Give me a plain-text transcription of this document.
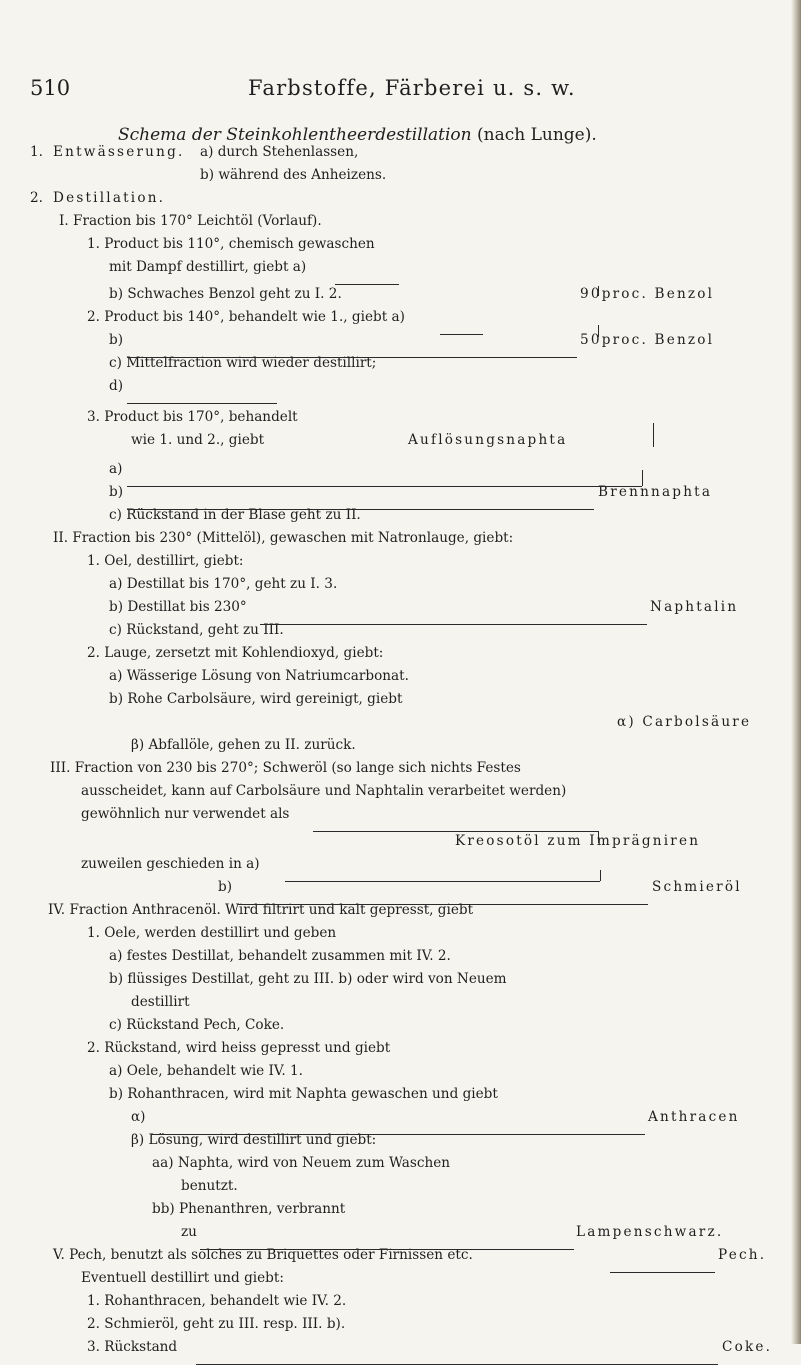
510	Farbstoffe, Färberei u. s. w.
Schema der Steinkohlentheerdestillation (nach Lunge).
1. Entwässerung. a) durch Stehenlassen,
b) während des Anheizens.
2. Destillation.
I. Fraction bis 170° Leichtöl (Vorlauf).
1. Product bis 110°, chemisch gewaschen
mit Dampf destillirt, giebt a)
b) Schwaches Benzol geht zu I. 2.	90proc. Benzol
2. Product bis 140°, behandelt wie 1., giebt a)
b)	50proc. Benzol
c) Mittelfraction wird wieder destillirt;
d)
3. Product bis 170°, behandelt
wie 1. und 2., giebt	Auflösungsnaphta
a)
b)	Brennnaphta
c) Rückstand in der Blase geht zu II.
II. Fraction bis 230° (Mittelöl), gewaschen mit Natronlauge, giebt:
1. Oel, destillirt, giebt:
a) Destillat bis 170°, geht zu I. 3.
b) Destillat bis 230°	Naphtalin
c) Rückstand, geht zu III.
2. Lauge, zersetzt mit Kohlendioxyd, giebt:
a) Wässerige Lösung von Natriumcarbonat.
b) Rohe Carbolsäure, wird gereinigt, giebt
α) Carbolsäure
β) Abfallöle, gehen zu II. zurück.
III. Fraction von 230 bis 270°; Schweröl (so lange sich nichts Festes
ausscheidet, kann auf Carbolsäure und Naphtalin verarbeitet werden)
gewöhnlich nur verwendet als
Kreosotöl zum Imprägniren
zuweilen geschieden in a)
b)	Schmieröl
IV. Fraction Anthracenöl. Wird filtrirt und kalt gepresst, giebt
1. Oele, werden destillirt und geben
a) festes Destillat, behandelt zusammen mit IV. 2.
b) flüssiges Destillat, geht zu III. b) oder wird von Neuem
destillirt
c) Rückstand Pech, Coke.
2. Rückstand, wird heiss gepresst und giebt
a) Oele, behandelt wie IV. 1.
b) Rohanthracen, wird mit Naphta gewaschen und giebt
α)	Anthracen
β) Lösung, wird destillirt und giebt:
aa) Naphta, wird von Neuem zum Waschen
benutzt.
bb) Phenanthren, verbrannt
zu	Lampenschwarz.
V. Pech, benutzt als solches zu Briquettes oder Firnissen etc.	Pech.
Eventuell destillirt und giebt:
1. Rohanthracen, behandelt wie IV. 2.
2. Schmieröl, geht zu III. resp. III. b).
3. Rückstand	Coke.
